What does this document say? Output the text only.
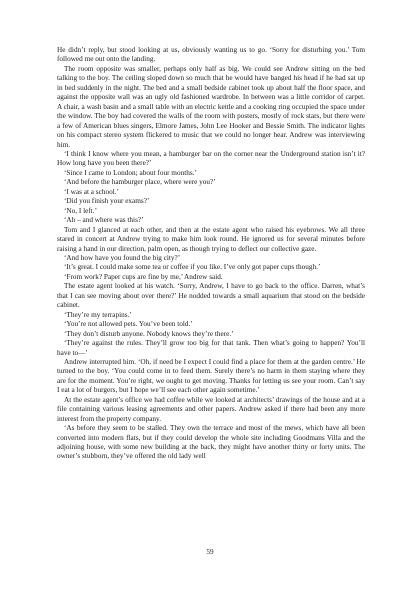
He didn’t reply, but stood looking at us, obviously wanting us to go. ‘Sorry for disturbing you.’ Tom followed me out onto the landing.

The room opposite was smaller, perhaps only half as big. We could see Andrew sitting on the bed talking to the boy. The ceiling sloped down so much that he would have banged his head if he had sat up in bed suddenly in the night. The bed and a small bedside cabinet took up about half the floor space, and against the opposite wall was an ugly old fashioned wardrobe. In between was a little corridor of carpet. A chair, a wash basin and a small table with an electric kettle and a cooking ring occupied the space under the window. The boy had covered the walls of the room with posters, mostly of rock stars, but there were a few of American blues singers, Elmore James, John Lee Hooker and Bessie Smith. The indicator lights on his compact stereo system flickered to music that we could no longer hear. Andrew was interviewing him.

‘I think I know where you mean, a hamburger bar on the corner near the Underground station isn’t it? How long have you been there?’

‘Since I came to London; about four months.’

‘And before the hamburger place, where were you?’

‘I was at a school.’

‘Did you finish your exams?’

‘No, I left.’

‘Ah – and where was this?’

Tom and I glanced at each other, and then at the estate agent who raised his eyebrows. We all three stared in concert at Andrew trying to make him look round. He ignored us for several minutes before raising a hand in our direction, palm open, as though trying to deflect our collective gaze.

‘And how have you found the big city?’

‘It’s great. I could make some tea or coffee if you like. I’ve only got paper cups though.’

‘From work? Paper cups are fine by me,’ Andrew said.

The estate agent looked at his watch. ‘Sorry, Andrew, I have to go back to the office. Darren, what’s that I can see moving about over there?’ He nodded towards a small aquarium that stood on the bedside cabinet.

‘They’re my terrapins.’

‘You’re not allowed pets. You’ve been told.’

‘They don’t disturb anyone. Nobody knows they’re there.’

‘They’re against the rules. They’ll grow too big for that tank. Then what’s going to happen? You’ll have to—’

Andrew interrupted him. ‘Oh, if need be I expect I could find a place for them at the garden centre.’ He turned to the boy. ‘You could come in to feed them. Surely there’s no harm in them staying where they are for the moment. You’re right, we ought to get moving. Thanks for letting us see your room. Can’t say I eat a lot of burgers, but I hope we’ll see each other again sometime.’

At the estate agent’s office we had coffee while we looked at architects’ drawings of the house and at a file containing various leasing agreements and other papers. Andrew asked if there had been any more interest from the property company.

‘As before they seem to be stalled. They own the terrace and most of the mews, which have all been converted into modern flats, but if they could develop the whole site including Goodmans Villa and the adjoining house, with some new building at the back, they might have another thirty or forty units. The owner’s stubborn, they’ve offered the old lady well

59
